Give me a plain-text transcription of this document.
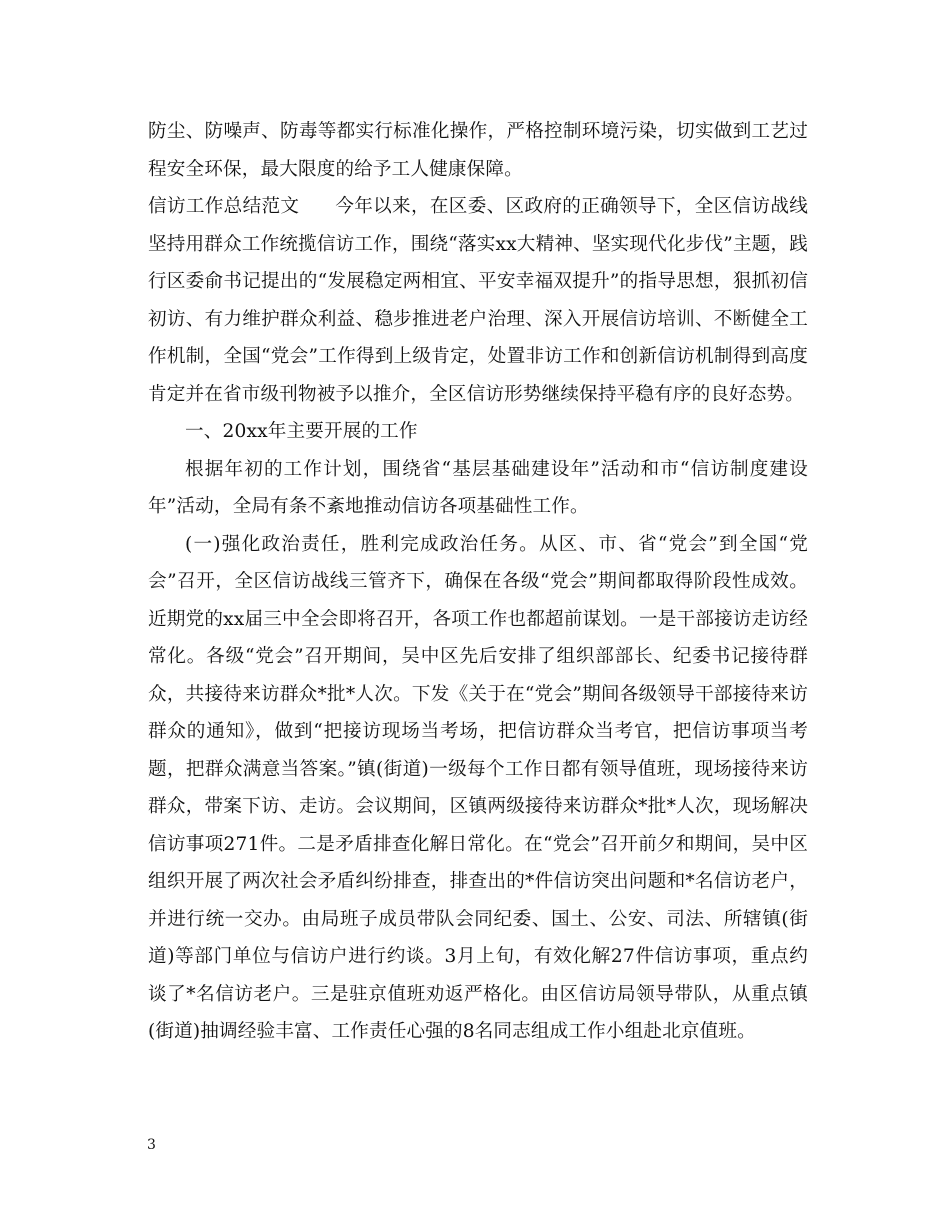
防尘、防噪声、防毒等都实行标准化操作，严格控制环境污染，切实做到工艺过程安全环保，最大限度的给予工人健康保障。

信访工作总结范文 今年以来，在区委、区政府的正确领导下，全区信访战线坚持用群众工作统揽信访工作，围绕“落实xx大精神、坚实现代化步伐”主题，践行区委俞书记提出的“发展稳定两相宜、平安幸福双提升”的指导思想，狠抓初信初访、有力维护群众利益、稳步推进老户治理、深入开展信访培训、不断健全工作机制，全国“党会”工作得到上级肯定，处置非访工作和创新信访机制得到高度肯定并在省市级刊物被予以推介，全区信访形势继续保持平稳有序的良好态势。

一、20xx年主要开展的工作

根据年初的工作计划，围绕省“基层基础建设年”活动和市“信访制度建设年”活动，全局有条不紊地推动信访各项基础性工作。

(一)强化政治责任，胜利完成政治任务。从区、市、省“党会”到全国“党会”召开，全区信访战线三管齐下，确保在各级“党会”期间都取得阶段性成效。近期党的xx届三中全会即将召开，各项工作也都超前谋划。一是干部接访走访经常化。各级“党会”召开期间，吴中区先后安排了组织部部长、纪委书记接待群众，共接待来访群众*批*人次。下发《关于在“党会”期间各级领导干部接待来访群众的通知》，做到“把接访现场当考场，把信访群众当考官，把信访事项当考题，把群众满意当答案。”镇(街道)一级每个工作日都有领导值班，现场接待来访群众，带案下访、走访。会议期间，区镇两级接待来访群众*批*人次，现场解决信访事项271件。二是矛盾排查化解日常化。在“党会”召开前夕和期间，吴中区组织开展了两次社会矛盾纠纷排查，排查出的*件信访突出问题和*名信访老户，并进行统一交办。由局班子成员带队会同纪委、国土、公安、司法、所辖镇(街道)等部门单位与信访户进行约谈。3月上旬，有效化解27件信访事项，重点约谈了*名信访老户。三是驻京值班劝返严格化。由区信访局领导带队，从重点镇(街道)抽调经验丰富、工作责任心强的8名同志组成工作小组赴北京值班。

3
